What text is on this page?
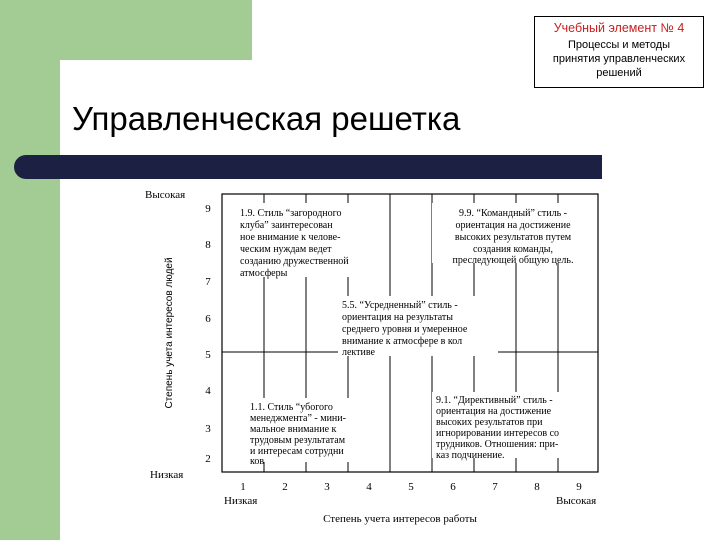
Управленческая решетка
Учебный элемент № 4
Процессы и методы
принятия управленческих
решений
1.9. Стиль “загородного
клуба” заинтересован
ное внимание к челове-
ческим нуждам ведет
созданию дружественной
атмосферы
9.9. “Командный” стиль -
ориентация на достижение
высоких результатов путем
создания команды,
преследующей общую цель.
5.5. “Усредненный” стиль -
ориентация на результаты
среднего уровня и умеренное
внимание к атмосфере в кол
лективе
1.1. Стиль “убогого
менеджмента” - мини-
мальное внимание к
трудовым результатам
и интересам сотрудни
ков
9.1. “Директивный” стиль -
ориентация на достижение
высоких результатов при
игнорировании интересов со
трудников. Отношения: при-
каз подчинение.
Высокая
Низкая
9
8
7
6
5
4
3
2
Степень учета интересов людей
1	2	3	4	5	6	7	8	9
Низкая	Высокая
Степень учета интересов работы
